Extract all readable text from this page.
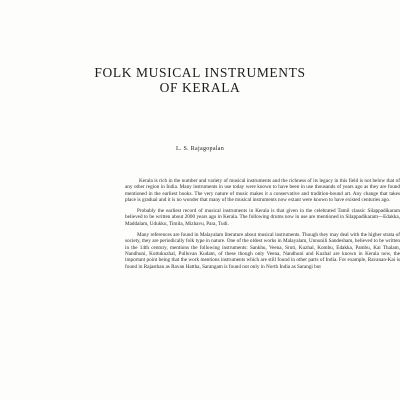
FOLK MUSICAL INSTRUMENTS
OF KERALA
L. S. Rajagopalan

Kerala is rich in the number and variety of musical instruments and the richness of its legacy in this field is not below that of any other region in India. Many instruments in use today were known to have been in use thousands of years ago as they are found mentioned in the earliest books. The very nature of music makes it a conservative and tradition-bound art. Any change that takes place is gradual and it is no wonder that many of the musical instruments now extant were known to have existed centuries ago.

Probably the earliest record of musical instruments in Kerala is that given in the celebrated Tamil classic Silappadikaram believed to be written about 2000 years ago in Kerala. The following drums now in use are mentioned in Silappadikaram—Edakka, Maddalam, Udukku, Timila, Mizhavu, Para, Tudi.

Many references are found in Malayalam literature about musical instruments. Though they may deal with the higher strata of society, they are periodically folk type in nature. One of the oldest works in Malayalam, Unnunili Sandesham, believed to be written in the 14th century, mentions the following instruments: Sankhu, Veena, Sruti, Kuzhal, Kombu, Edakka, Pambu, Kai Thalam, Nandhuni, Kottukuzhal, Pulluvan Kudam, of these though only Veena, Nandhuni and Kuzhal are known in Kerala now, the important point being that the work mentions instruments which are still found in other parts of India. For example, Ravanan-Kai is found in Rajasthan as Ravan Hattha, Sarangam is found not only in North India as Sarangi but
